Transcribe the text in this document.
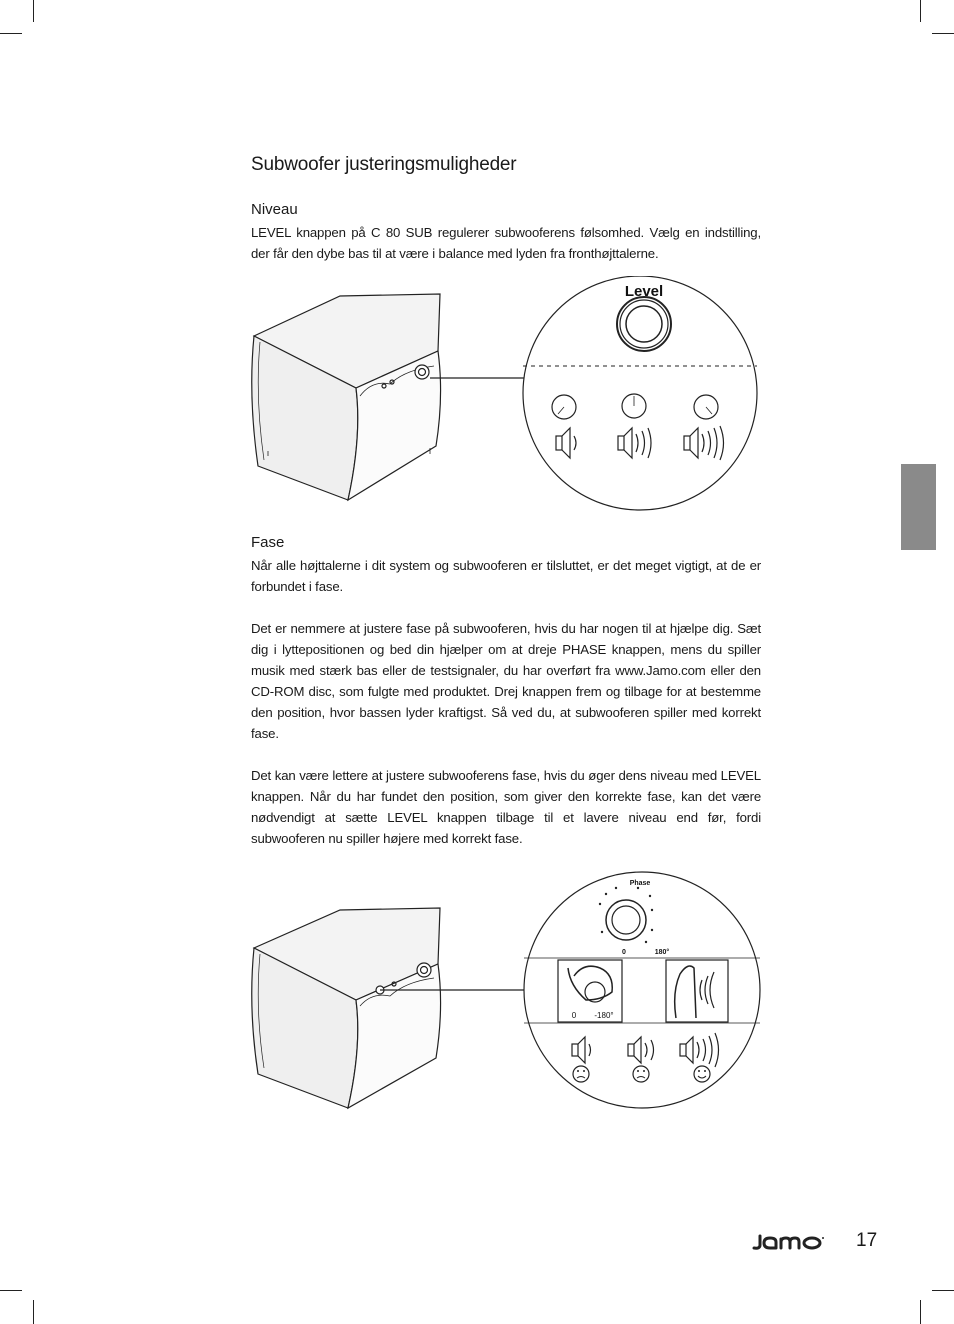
Subwoofer justeringsmuligheder
Niveau

LEVEL knappen på C 80 SUB regulerer subwooferens følsomhed. Vælg en indstilling, der får den dybe bas til at være i balance med lyden fra fronthøjttalerne.

Level
Fase

Når alle højttalerne i dit system og subwooferen er tilsluttet, er det meget vigtigt, at de er forbundet i fase.

Det er nemmere at justere fase på subwooferen, hvis du har nogen til at hjælpe dig. Sæt dig i lyttepositionen og bed din hjælper om at dreje PHASE knappen, mens du spiller musik med stærk bas eller de testsignaler, du har overført fra www.Jamo.com eller den CD-ROM disc, som fulgte med produktet. Drej knappen frem og tilbage for at bestemme den position, hvor bassen lyder kraftigst. Så ved du, at subwooferen spiller med korrekt fase.

Det kan være lettere at justere subwooferens fase, hvis du øger dens niveau med LEVEL knappen. Når du har fundet den position, som giver den korrekte fase, kan det være nødvendigt at sætte LEVEL knappen tilbage til et lavere niveau end før, fordi subwooferen nu spiller højere med korrekt fase.

Phase
0	180°
0 -180°
17
